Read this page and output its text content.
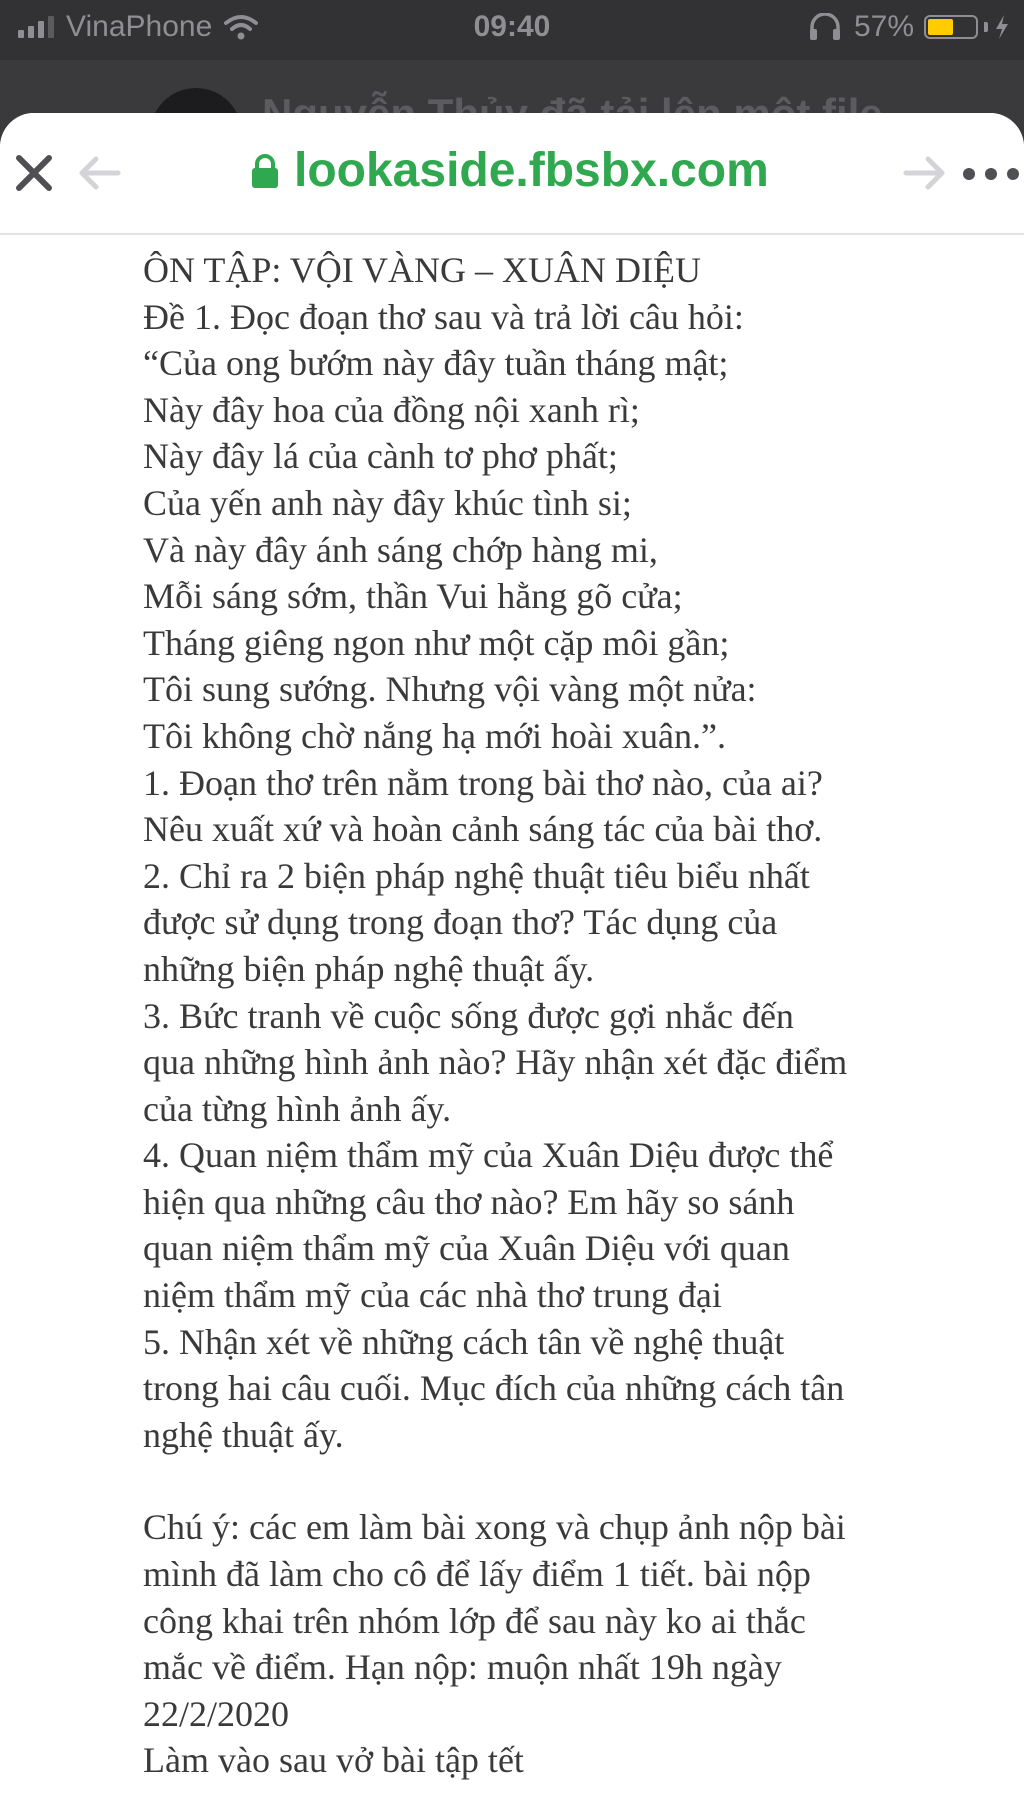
VinaPhone	09:40	57%
lookaside.fbsbx.com

ÔN TẬP: VỘI VÀNG – XUÂN DIỆU

Đề 1. Đọc đoạn thơ sau và trả lời câu hỏi:

“Của ong bướm này đây tuần tháng mật;

Này đây hoa của đồng nội xanh rì;

Này đây lá của cành tơ phơ phất;

Của yến anh này đây khúc tình si;

Và này đây ánh sáng chớp hàng mi,

Mỗi sáng sớm, thần Vui hằng gõ cửa;

Tháng giêng ngon như một cặp môi gần;

Tôi sung sướng. Nhưng vội vàng một nửa:

Tôi không chờ nắng hạ mới hoài xuân.”.

1. Đoạn thơ trên nằm trong bài thơ nào, của ai?

Nêu xuất xứ và hoàn cảnh sáng tác của bài thơ.

2. Chỉ ra 2 biện pháp nghệ thuật tiêu biểu nhất

được sử dụng trong đoạn thơ? Tác dụng của

những biện pháp nghệ thuật ấy.

3. Bức tranh về cuộc sống được gợi nhắc đến

qua những hình ảnh nào? Hãy nhận xét đặc điểm

của từng hình ảnh ấy.

4. Quan niệm thẩm mỹ của Xuân Diệu được thể

hiện qua những câu thơ nào? Em hãy so sánh

quan niệm thẩm mỹ của Xuân Diệu với quan

niệm thẩm mỹ của các nhà thơ trung đại

5. Nhận xét về những cách tân về nghệ thuật

trong hai câu cuối. Mục đích của những cách tân

nghệ thuật ấy.

Chú ý: các em làm bài xong và chụp ảnh nộp bài

mình đã làm cho cô để lấy điểm 1 tiết. bài nộp

công khai trên nhóm lớp để sau này ko ai thắc

mắc về điểm. Hạn nộp: muộn nhất 19h ngày

22/2/2020

Làm vào sau vở bài tập tết
